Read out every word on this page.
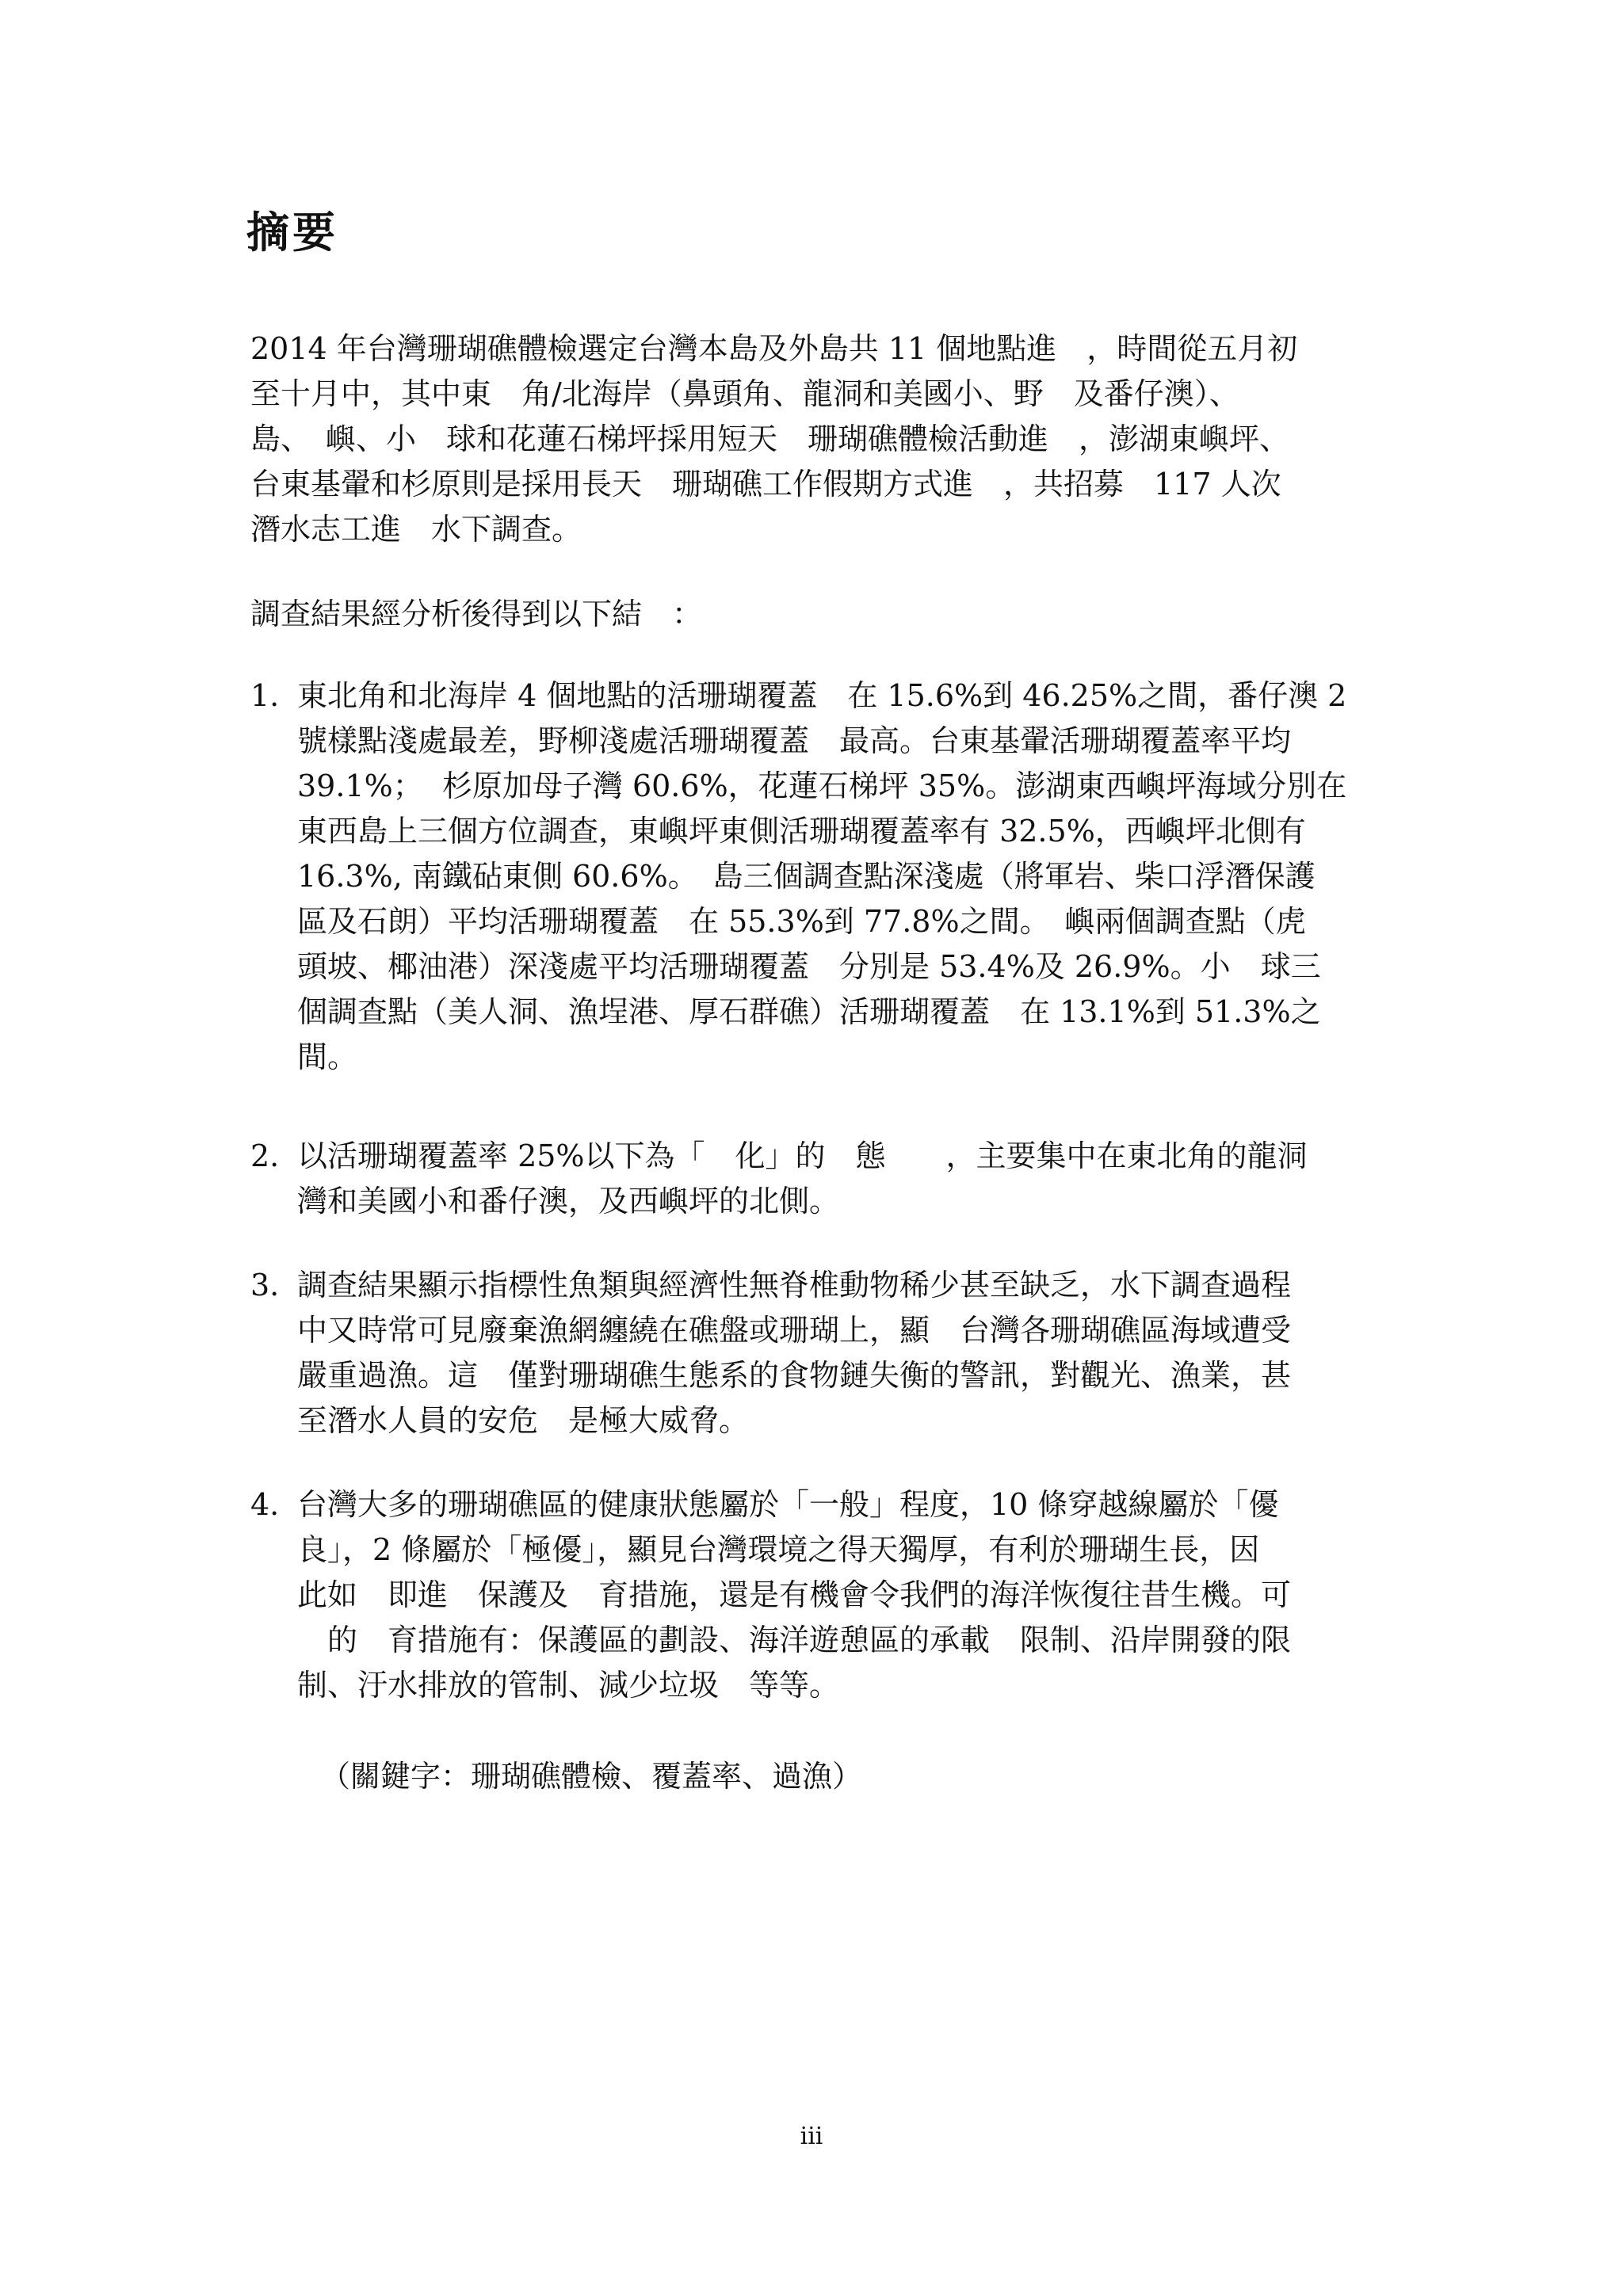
摘要
2014 年台灣珊瑚礁體檢選定台灣本島及外島共 11 個地點進　，時間從五月初
至十月中，其中東　角/北海岸（鼻頭角、龍洞和美國小、野　及番仔澳）、
島、　嶼、小　球和花蓮石梯坪採用短天　珊瑚礁體檢活動進　，澎湖東嶼坪、
台東基翬和杉原則是採用長天　珊瑚礁工作假期方式進　，共招募　117 人次
潛水志工進　水下調查。
調查結果經分析後得到以下結　：
1. 東北角和北海岸 4 個地點的活珊瑚覆蓋　在 15.6%到 46.25%之間，番仔澳 2
號樣點淺處最差，野柳淺處活珊瑚覆蓋　最高。台東基翬活珊瑚覆蓋率平均
39.1%；  杉原加母子灣 60.6%，花蓮石梯坪 35%。澎湖東西嶼坪海域分別在
東西島上三個方位調查，東嶼坪東側活珊瑚覆蓋率有 32.5%，西嶼坪北側有
16.3%, 南鐵砧東側 60.6%。　島三個調查點深淺處（將軍岩、柴口浮潛保護
區及石朗）平均活珊瑚覆蓋　在 55.3%到 77.8%之間。　嶼兩個調查點（虎
頭坡、椰油港）深淺處平均活珊瑚覆蓋　分別是 53.4%及 26.9%。小　球三
個調查點（美人洞、漁埕港、厚石群礁）活珊瑚覆蓋　在 13.1%到 51.3%之
間。
2. 以活珊瑚覆蓋率 25%以下為「　化」的　態　　，主要集中在東北角的龍洞
灣和美國小和番仔澳，及西嶼坪的北側。
3. 調查結果顯示指標性魚類與經濟性無脊椎動物稀少甚至缺乏，水下調查過程
中又時常可見廢棄漁網纏繞在礁盤或珊瑚上，顯　台灣各珊瑚礁區海域遭受
嚴重過漁。這　僅對珊瑚礁生態系的食物鏈失衡的警訊，對觀光、漁業，甚
至潛水人員的安危　是極大威脅。
4. 台灣大多的珊瑚礁區的健康狀態屬於「一般」程度，10 條穿越線屬於「優
良」，2 條屬於「極優」，顯見台灣環境之得天獨厚，有利於珊瑚生長，因
此如　即進　保護及　育措施，還是有機會令我們的海洋恢復往昔生機。可
　的　育措施有：保護區的劃設、海洋遊憩區的承載　限制、沿岸開發的限
制、汙水排放的管制、減少垃圾　等等。
（關鍵字：珊瑚礁體檢、覆蓋率、過漁）
iii
